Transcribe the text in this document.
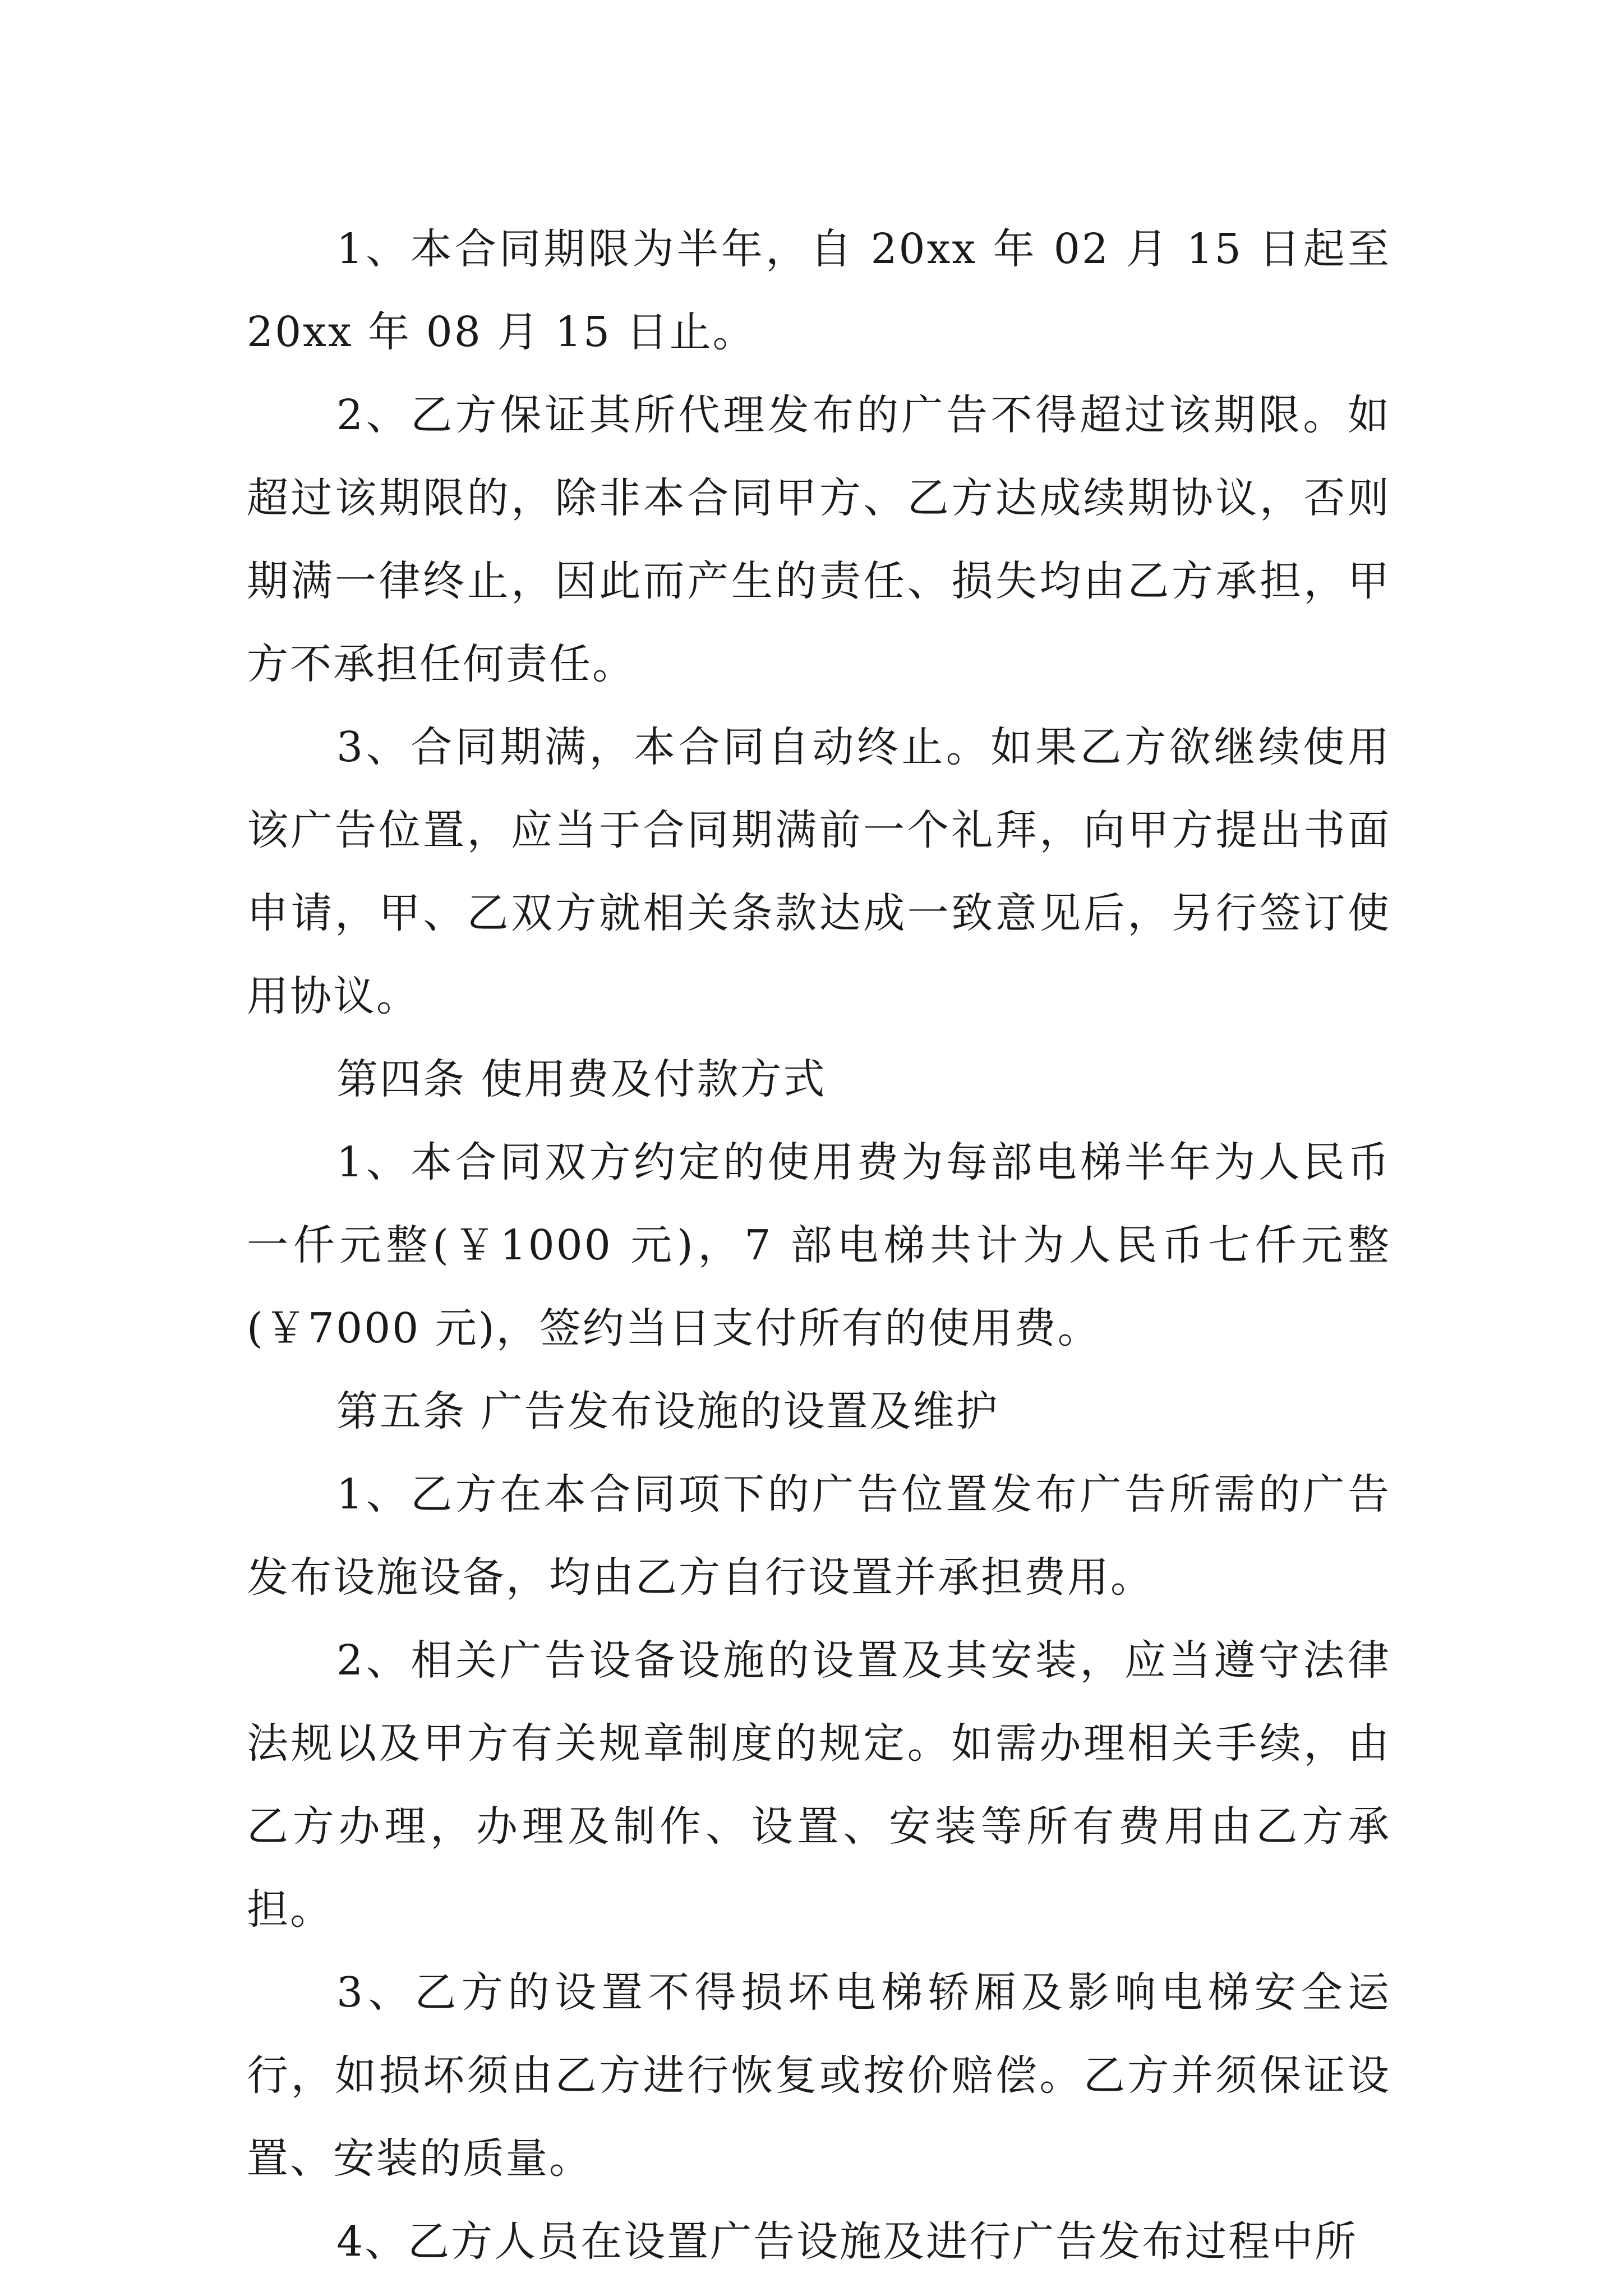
1、本合同期限为半年，自 20xx 年 02 月 15 日起至 20xx 年 08 月 15 日止。

2、乙方保证其所代理发布的广告不得超过该期限。如超过该期限的，除非本合同甲方、乙方达成续期协议，否则期满一律终止，因此而产生的责任、损失均由乙方承担，甲方不承担任何责任。

3、合同期满，本合同自动终止。如果乙方欲继续使用该广告位置，应当于合同期满前一个礼拜，向甲方提出书面申请，甲、乙双方就相关条款达成一致意见后，另行签订使用协议。

第四条 使用费及付款方式

1、本合同双方约定的使用费为每部电梯半年为人民币一仟元整(￥1000 元)，7 部电梯共计为人民币七仟元整(￥7000 元)，签约当日支付所有的使用费。

第五条 广告发布设施的设置及维护

1、乙方在本合同项下的广告位置发布广告所需的广告发布设施设备，均由乙方自行设置并承担费用。

2、相关广告设备设施的设置及其安装，应当遵守法律法规以及甲方有关规章制度的规定。如需办理相关手续，由乙方办理，办理及制作、设置、安装等所有费用由乙方承担。

3、乙方的设置不得损坏电梯轿厢及影响电梯安全运行，如损坏须由乙方进行恢复或按价赔偿。乙方并须保证设置、安装的质量。

4、乙方人员在设置广告设施及进行广告发布过程中所
